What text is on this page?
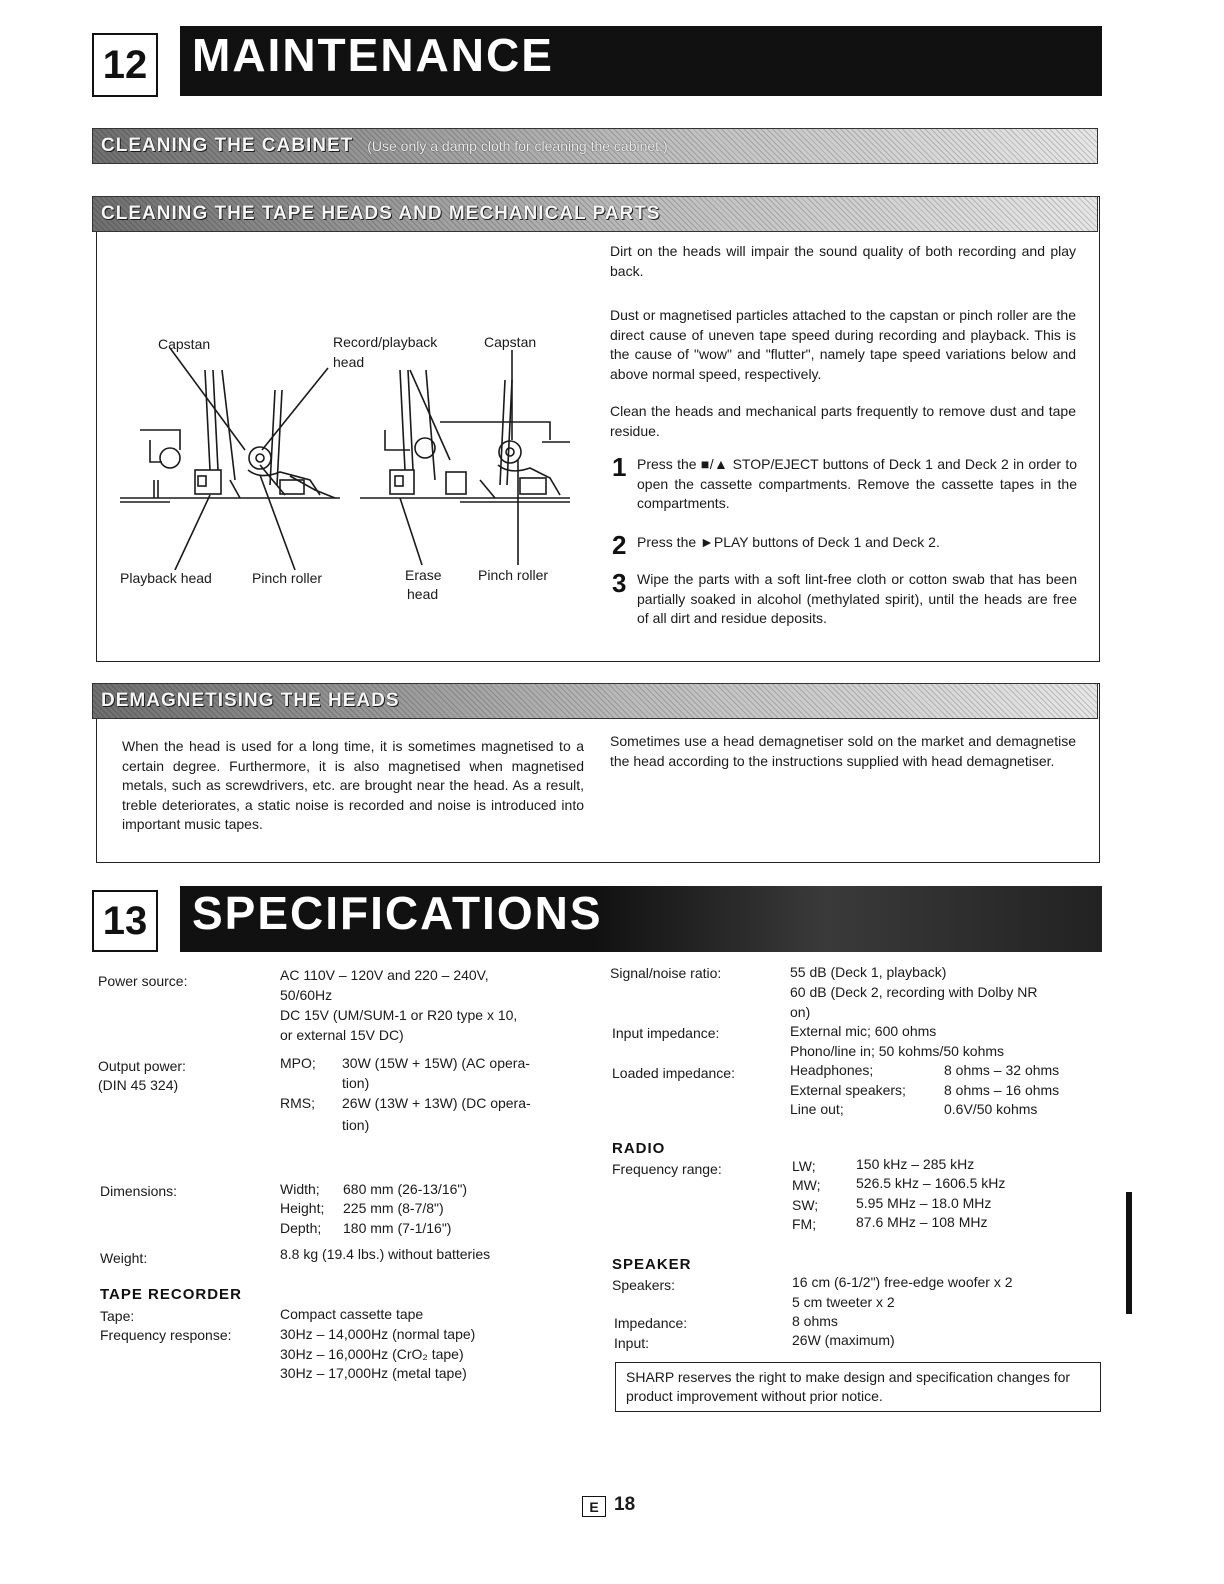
12 MAINTENANCE
CLEANING THE CABINET (Use only a damp cloth for cleaning the cabinet.)
CLEANING THE TAPE HEADS AND MECHANICAL PARTS
Capstan	Record/playback
head
Capstan
Playback head	Pinch roller	Erase
head
Pinch roller
Dirt on the heads will impair the sound quality of both recording and play back.
Dust or magnetised particles attached to the capstan or pinch roller are the direct cause of uneven tape speed during recording and playback. This is the cause of "wow" and "flutter", namely tape speed variations below and above normal speed, respectively.
Clean the heads and mechanical parts frequently to remove dust and tape residue.
1 Press the ■/▲ STOP/EJECT buttons of Deck 1 and Deck 2 in order to open the cassette compartments. Remove the cassette tapes in the compartments.
2 Press the ►PLAY buttons of Deck 1 and Deck 2.
3 Wipe the parts with a soft lint-free cloth or cotton swab that has been partially soaked in alcohol (methylated spirit), until the heads are free of all dirt and residue deposits.
DEMAGNETISING THE HEADS
When the head is used for a long time, it is sometimes magnetised to a certain degree. Furthermore, it is also magnetised when magnetised metals, such as screwdrivers, etc. are brought near the head. As a result, treble deteriorates, a static noise is recorded and noise is introduced into important music tapes.
Sometimes use a head demagnetiser sold on the market and demagnetise the head according to the instructions supplied with head demagnetiser.
13 SPECIFICATIONS
Power source:	AC 110V – 120V and 220 – 240V,
50/60Hz
DC 15V (UM/SUM-1 or R20 type x 10,
or external 15V DC)
Output power:
(DIN 45 324)
MPO; 30W (15W + 15W) (AC opera-
tion)
RMS; 26W (13W + 13W) (DC opera-
tion)
Dimensions:	Width; 680 mm (26-13/16")
Height; 225 mm (8-7/8")
Depth; 180 mm (7-1/16")
Weight:	8.8 kg (19.4 lbs.) without batteries
TAPE RECORDER
Tape:	Compact cassette tape
Frequency response:	30Hz – 14,000Hz (normal tape)
30Hz – 16,000Hz (CrO₂ tape)
30Hz – 17,000Hz (metal tape)
Signal/noise ratio:	55 dB (Deck 1, playback)
60 dB (Deck 2, recording with Dolby NR
on)
Input impedance:	External mic; 600 ohms
Phono/line in; 50 kohms/50 kohms
Loaded impedance:	Headphones;	8 ohms – 32 ohms
External speakers;	8 ohms – 16 ohms
Line out;	0.6V/50 kohms
RADIO
Frequency range:	LW;	150 kHz – 285 kHz
MW;	526.5 kHz – 1606.5 kHz
SW;	5.95 MHz – 18.0 MHz
FM;	87.6 MHz – 108 MHz
SPEAKER
Speakers:	16 cm (6-1/2") free-edge woofer x 2
5 cm tweeter x 2
Impedance:	8 ohms
Input:	26W (maximum)
SHARP reserves the right to make design and specification changes for product improvement without prior notice.
E 18
